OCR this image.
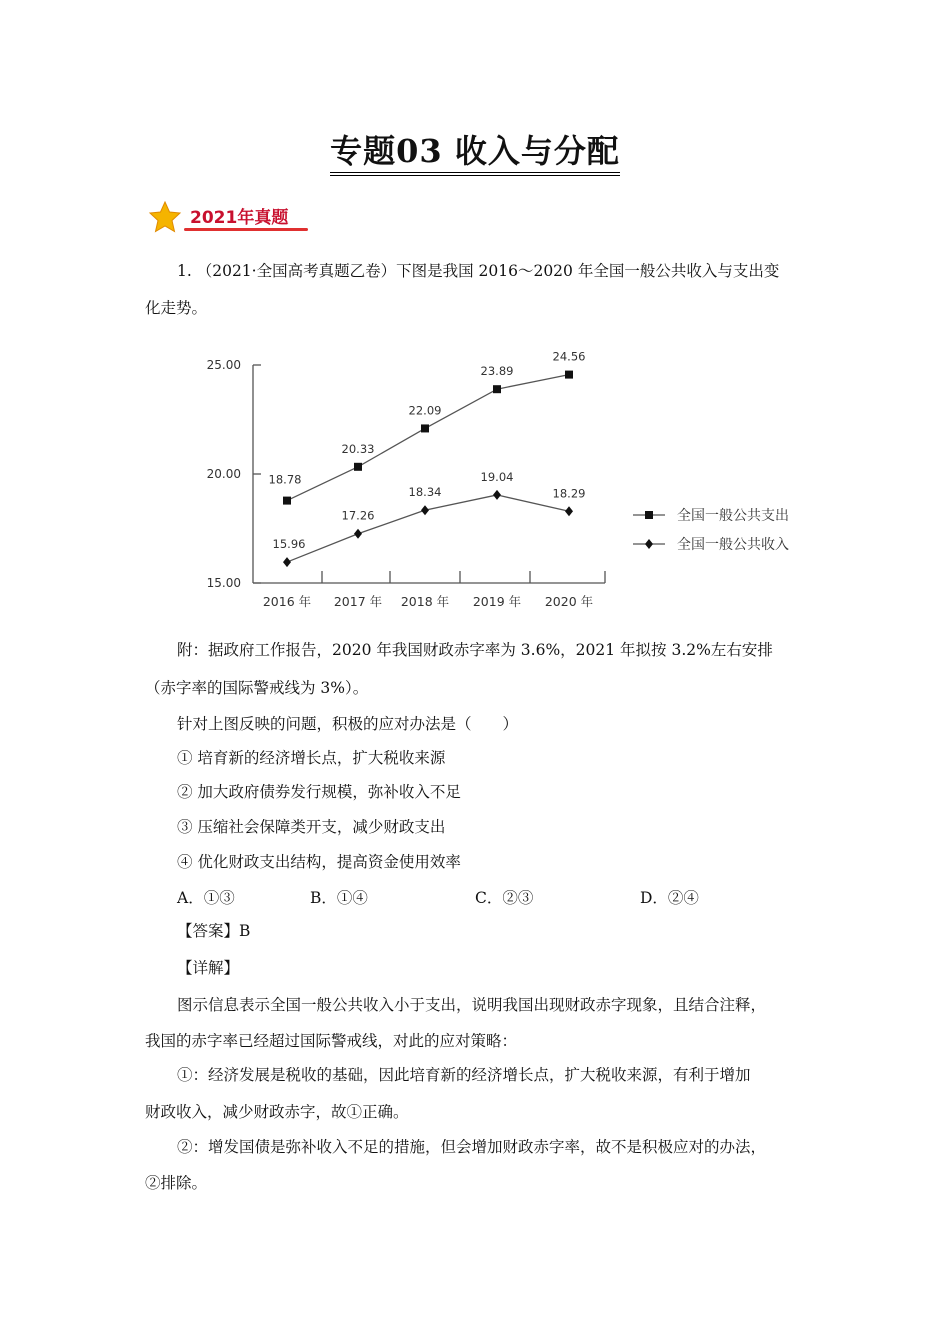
专题03 收入与分配
2021年真题
1. （2021·全国高考真题乙卷）下图是我国 2016～2020 年全国一般公共收入与支出变
化走势。
25.00
20.00
15.00
2016 年 2017 年 2018 年 2019 年 2020 年
18.78
20.33
22.09
23.89
24.56
15.96
17.26
18.34
19.04
18.29
全国一般公共支出
全国一般公共收入
附：据政府工作报告，2020 年我国财政赤字率为 3.6%，2021 年拟按 3.2%左右安排
（赤字率的国际警戒线为 3%）。
针对上图反映的问题，积极的应对办法是（　　）
① 培育新的经济增长点，扩大税收来源
② 加大政府债券发行规模，弥补收入不足
③ 压缩社会保障类开支，减少财政支出
④ 优化财政支出结构，提高资金使用效率
A．①③	B．①④	C．②③	D．②④
【答案】B
【详解】
图示信息表示全国一般公共收入小于支出，说明我国出现财政赤字现象，且结合注释，
我国的赤字率已经超过国际警戒线，对此的应对策略：
①：经济发展是税收的基础，因此培育新的经济增长点，扩大税收来源，有利于增加
财政收入，减少财政赤字，故①正确。
②：增发国债是弥补收入不足的措施，但会增加财政赤字率，故不是积极应对的办法，
②排除。
